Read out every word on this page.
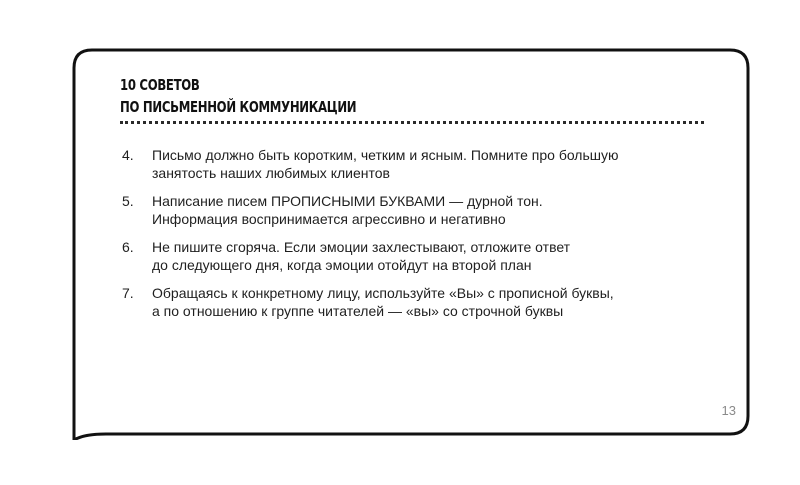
10 СОВЕТОВ
ПО ПИСЬМЕННОЙ КОММУНИКАЦИИ
4.	Письмо должно быть коротким, четким и ясным. Помните про большую
занятость наших любимых клиентов
5.	Написание писем ПРОПИСНЫМИ БУКВАМИ — дурной тон.
Информация воспринимается агрессивно и негативно
6.	Не пишите сгоряча. Если эмоции захлестывают, отложите ответ
до следующего дня, когда эмоции отойдут на второй план
7.	Обращаясь к конкретному лицу, используйте «Вы» с прописной буквы,
а по отношению к группе читателей — «вы» со строчной буквы
13
